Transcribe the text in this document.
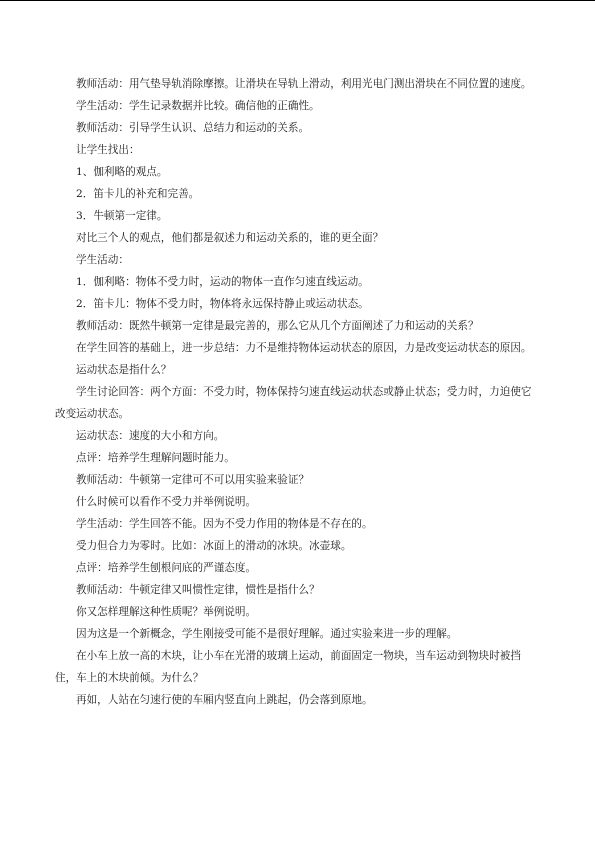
教师活动：用气垫导轨消除摩擦。让滑块在导轨上滑动，利用光电门测出滑块在不同位置的速度。

学生活动：学生记录数据并比较。确信他的正确性。

教师活动：引导学生认识、总结力和运动的关系。

让学生找出：

1、伽利略的观点。

2．笛卡儿的补充和完善。

3．牛顿第一定律。

对比三个人的观点，他们都是叙述力和运动关系的，谁的更全面？

学生活动：

1．伽利略：物体不受力时，运动的物体一直作匀速直线运动。

2．笛卡儿：物体不受力时，物体将永远保持静止或运动状态。

教师活动：既然牛顿第一定律是最完善的，那么它从几个方面阐述了力和运动的关系？

在学生回答的基础上，进一步总结：力不是维持物体运动状态的原因，力是改变运动状态的原因。

运动状态是指什么？

学生讨论回答：两个方面：不受力时，物体保持匀速直线运动状态或静止状态；受力时，力迫使它改变运动状态。

运动状态：速度的大小和方向。

点评：培养学生理解问题时能力。

教师活动：牛顿第一定律可不可以用实验来验证？

什么时候可以看作不受力并举例说明。

学生活动：学生回答不能。因为不受力作用的物体是不存在的。

受力但合力为零时。比如：冰面上的滑动的冰块。冰壶球。

点评：培养学生刨根问底的严谨态度。

教师活动：牛顿定律又叫惯性定律，惯性是指什么？

你又怎样理解这种性质呢？举例说明。

因为这是一个新概念，学生刚接受可能不是很好理解。通过实验来进一步的理解。

在小车上放一高的木块，让小车在光滑的玻璃上运动，前面固定一物块，当车运动到物块时被挡住，车上的木块前倾。为什么？

再如，人站在匀速行使的车厢内竖直向上跳起，仍会落到原地。
